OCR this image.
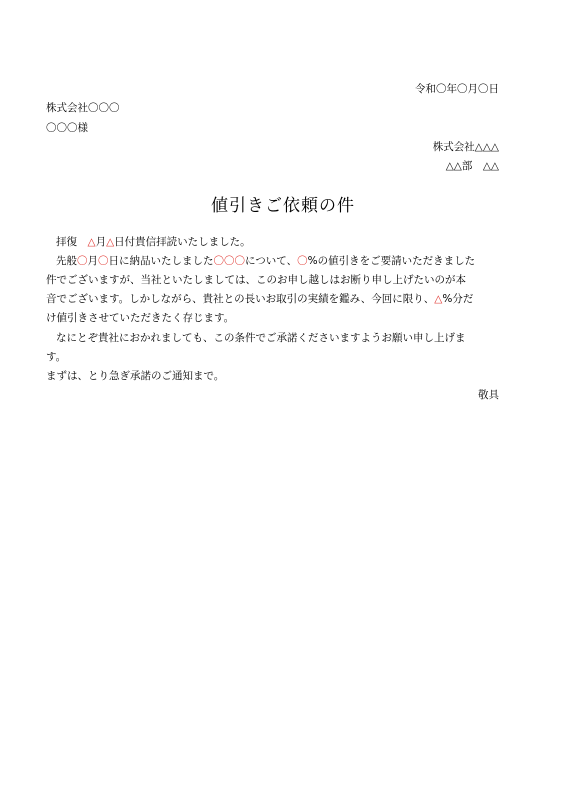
令和〇年〇月〇日
株式会社〇〇〇
〇〇〇様
株式会社△△△
△△部　△△
値引きご依頼の件
拝復　△月△日付貴信拝読いたしました。
先般〇月〇日に納品いたしました〇〇〇について、〇%の値引きをご要請いただきました
件でございますが、当社といたしましては、このお申し越しはお断り申し上げたいのが本
音でございます。しかしながら、貴社との長いお取引の実績を鑑み、今回に限り、△%分だ
け値引きさせていただきたく存じます。
なにとぞ貴社におかれましても、この条件でご承諾くださいますようお願い申し上げま
す。
まずは、とり急ぎ承諾のご通知まで。
敬具
